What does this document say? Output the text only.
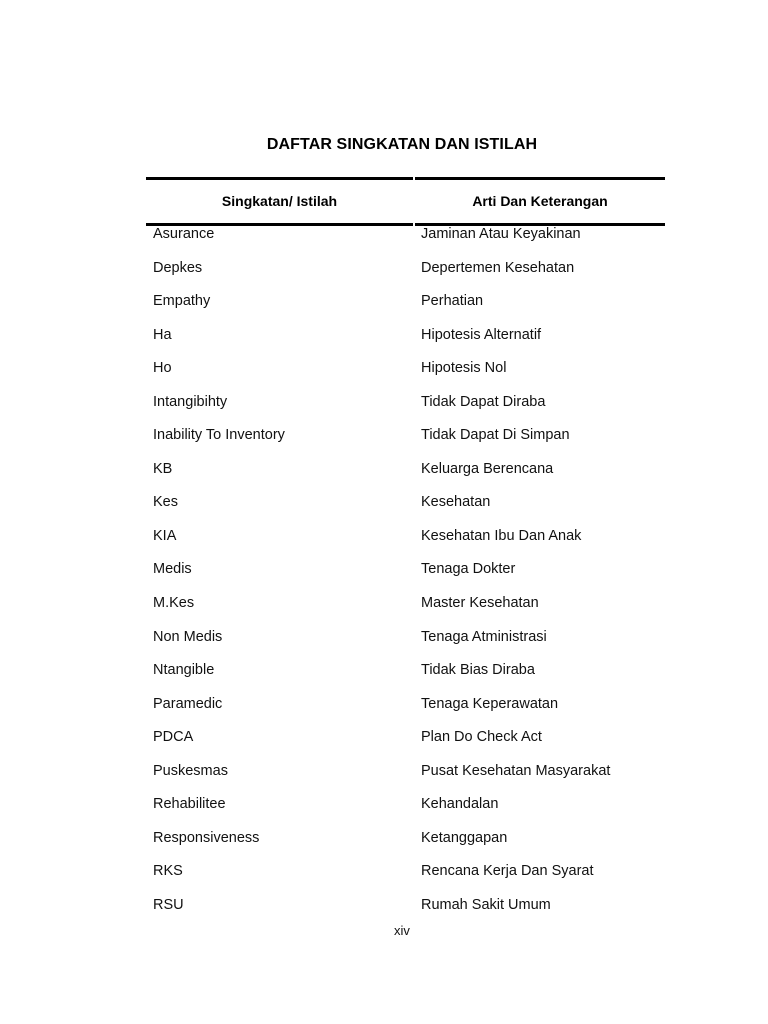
DAFTAR SINGKATAN DAN ISTILAH
Singkatan/ Istilah	Arti Dan Keterangan
Asurance	Jaminan Atau Keyakinan
Depkes	Depertemen Kesehatan
Empathy	Perhatian
Ha	Hipotesis Alternatif
Ho	Hipotesis Nol
Intangibihty	Tidak Dapat Diraba
Inability To Inventory	Tidak Dapat Di Simpan
KB	Keluarga Berencana
Kes	Kesehatan
KIA	Kesehatan Ibu Dan Anak
Medis	Tenaga Dokter
M.Kes	Master Kesehatan
Non Medis	Tenaga Atministrasi
Ntangible	Tidak Bias Diraba
Paramedic	Tenaga Keperawatan
PDCA	Plan Do Check Act
Puskesmas	Pusat Kesehatan Masyarakat
Rehabilitee	Kehandalan
Responsiveness	Ketanggapan
RKS	Rencana Kerja Dan Syarat
RSU	Rumah Sakit Umum
xiv
